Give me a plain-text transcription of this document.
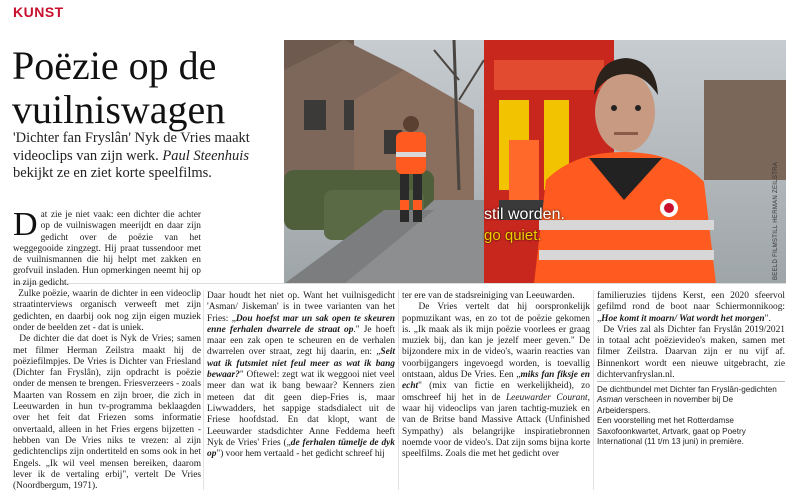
KUNST
Poëzie op de vuilniswagen
'Dichter fan Fryslân' Nyk de Vries maakt videoclips van zijn werk. Paul Steenhuis bekijkt ze en ziet korte speelfilms.	BEELD FILMSTILL HERMAN ZEILSTRA
stil worden.
go quiet.

Dat zie je niet vaak: een dichter die achter op de vuilniswagen meerijdt en daar zijn gedicht over de poëzie van het weggegooide zingzegt. Hij praat tussendoor met de vuilnismannen die hij helpt met zakken en grofvuil insladen. Hun opmerkingen neemt hij op in zijn gedicht.

Zulke poëzie, waarin de dichter in een videoclip straatinterviews organisch verweeft met zijn gedichten, en daarbij ook nog zijn eigen muziek onder de beelden zet - dat is uniek.

De dichter die dat doet is Nyk de Vries; samen met filmer Herman Zeilstra maakt hij de poëziefilmpjes. De Vries is Dichter van Friesland (Dichter fan Fryslân), zijn opdracht is poëzie onder de mensen te brengen. Friesverzeers - zoals Maarten van Rossem en zijn broer, die zich in Leeuwarden in hun tv-programma beklaagden over het feit dat Friezen soms informatie onvertaald, alleen in het Fries ergens bijzetten - hebben van De Vries niks te vrezen: al zijn gedichtenclips zijn ondertiteld en soms ook in het Engels. „Ik wil veel mensen bereiken, daarom lever ik de vertaling erbij", vertelt De Vries (Noordbergum, 1971).

Daar houdt het niet op. Want het vuilnisgedicht 'Asman/ Jiskeman' is in twee varianten van het Fries: „Dou hoefst mar un sak open te skeuren enne ferhalen dwarrele de straat op." Je hoeft maar een zak open te scheuren en de verhalen dwarrelen over straat, zegt hij daarin, en: „Seit wat ik futsmiet niet feul meer as wat ik bang bewaar?" Oftewel: zegt wat ik weggooi niet veel meer dan wat ik bang bewaar? Kenners zien meteen dat dit geen diep-Fries is, maar Liwwadders, het sappige stadsdialect uit de Friese hoofdstad. En dat klopt, want de Leeuwarder stadsdichter Anne Feddema heeft Nyk de Vries' Fries („de ferhalen tümelje de dyk op") voor hem vertaald - het gedicht schreef hij

ter ere van de stadsreiniging van Leeuwarden.

De Vries vertelt dat hij oorspronkelijk popmuzikant was, en zo tot de poëzie gekomen is. „Ik maak als ik mijn poëzie voorlees er graag muziek bij, dan kan je jezelf meer geven." De bijzondere mix in de video's, waarin reacties van voorbijgangers ingevoegd worden, is toevallig ontstaan, aldus De Vries. Een „miks fan fiksje en echt" (mix van fictie en werkelijkheid), zo omschreef hij het in de Leeuwarder Courant, waar hij videoclips van jaren tachtig-muziek en van de Britse band Massive Attack (Unfinished Sympathy) als belangrijke inspiratiebronnen noemde voor de video's. Dat zijn soms bijna korte speelfilms. Zoals die met het gedicht over

familieruzies tijdens Kerst, een 2020 sfeervol gefilmd rond de boot naar Schiermonnikoog: „Hoe komt it moarn/ Wat wordt het morgen".

De Vries zal als Dichter fan Fryslân 2019/2021 in totaal acht poëzievideo's maken, samen met filmer Zeilstra. Daarvan zijn er nu vijf af. Binnenkort wordt een nieuwe uitgebracht, zie dichtervanfryslan.nl.

De dichtbundel met Dichter fan Fryslân-gedichten Asman verscheen in november bij De Arbeiderspers.
Een voorstelling met het Rotterdamse Saxofoonkwartet, Artvark, gaat op Poetry International (11 t/m 13 juni) in première.
